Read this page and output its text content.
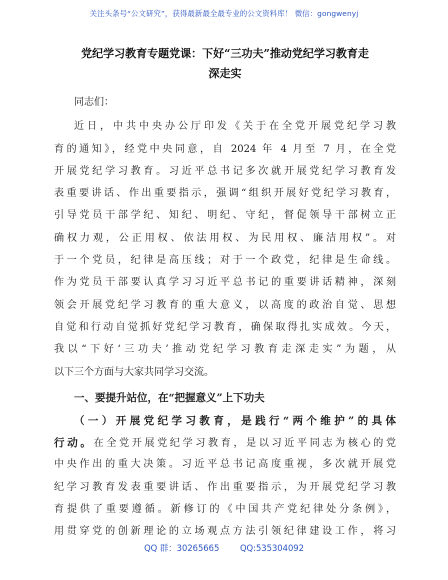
关注头条号“公文研究”，获得最新最全最专业的公文资料库！ 微信：gongwenyj
党纪学习教育专题党课：下好“三功夫”推动党纪学习教育走
深走实
同志们：
近日，中共中央办公厅印发《关于在全党开展党纪学习教
育的通知》，经党中央同意，自 2024 年 4 月至 7 月，在全党
开展党纪学习教育。习近平总书记多次就开展党纪学习教育发
表重要讲话、作出重要指示，强调“组织开展好党纪学习教育，
引导党员干部学纪、知纪、明纪、守纪，督促领导干部树立正
确权力观，公正用权、依法用权、为民用权、廉洁用权”。对
于一个党员，纪律是高压线；对于一个政党，纪律是生命线。
作为党员干部要认真学习习近平总书记的重要讲话精神，深刻
领会开展党纪学习教育的重大意义，以高度的政治自觉、思想
自觉和行动自觉抓好党纪学习教育，确保取得扎实成效。今天，
我以“下好‘三功夫’推动党纪学习教育走深走实”为题，从
以下三个方面与大家共同学习交流。
一、要提升站位，在“把握意义”上下功夫
（一）开展党纪学习教育，是践行“两个维护”的具体
行动。在全党开展党纪学习教育，是以习近平同志为核心的党
中央作出的重大决策。习近平总书记高度重视，多次就开展党
纪学习教育发表重要讲话、作出重要指示，为开展党纪学习教
育提供了重要遵循。新修订的《中国共产党纪律处分条例》，
用贯穿党的创新理论的立场观点方法引领纪律建设工作，将习
QQ 群：30265665 QQ:535304092
